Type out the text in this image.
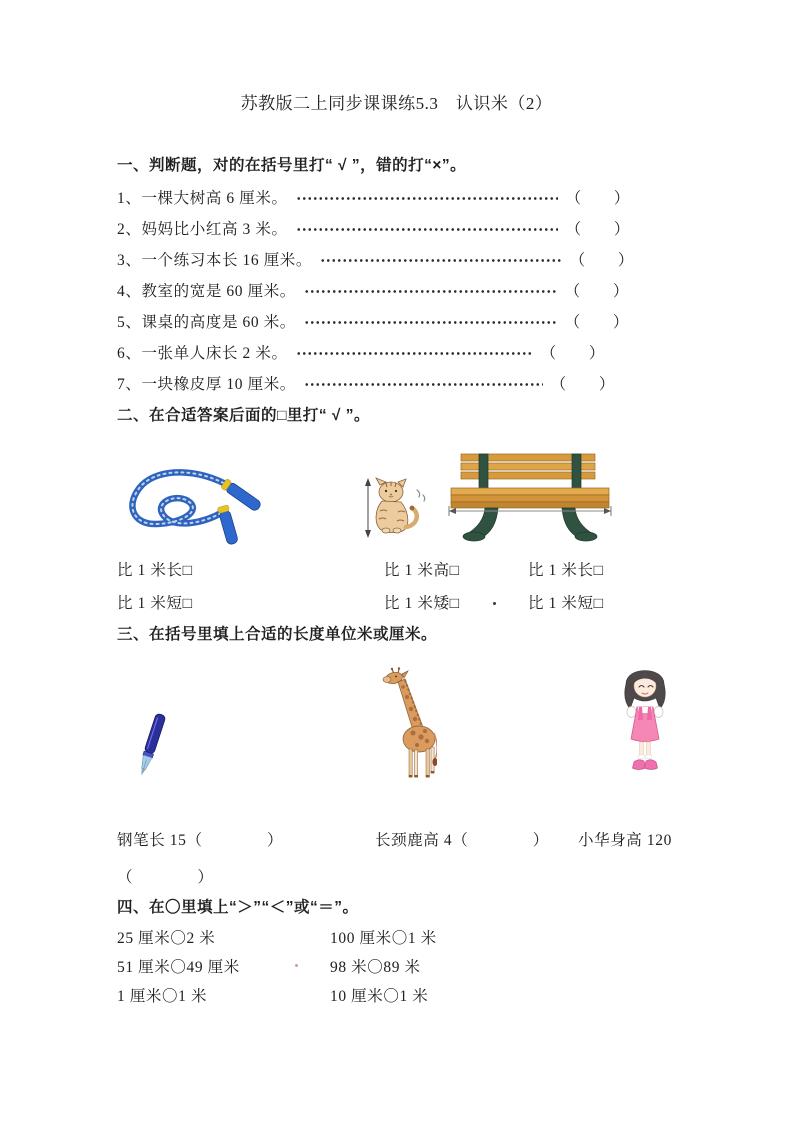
苏教版二上同步课课练5.3　认识米（2）
一、判断题，对的在括号里打“ √ ”，错的打“×”。
1、一棵大树高 6 厘米。	（　　）
2、妈妈比小红高 3 米。	（　　）
3、一个练习本长 16 厘米。	（　　）
4、教室的宽是 60 厘米。	（　　）
5、课桌的高度是 60 米。	（　　）
6、一张单人床长 2 米。	（　　）
7、一块橡皮厚 10 厘米。	（　　）
二、在合适答案后面的□里打“ √ ”。
比 1 米长□	比 1 米高□	比 1 米长□
比 1 米短□	比 1 米矮□	比 1 米短□
三、在括号里填上合适的长度单位米或厘米。
钢笔长 15（　　　　）	长颈鹿高 4（　　　　） 小华身高 120
（　　　　）
四、在〇里填上“＞”“＜”或“＝”。
25 厘米〇2 米	100 厘米〇1 米
51 厘米〇49 厘米	98 米〇89 米
1 厘米〇1 米	10 厘米〇1 米
